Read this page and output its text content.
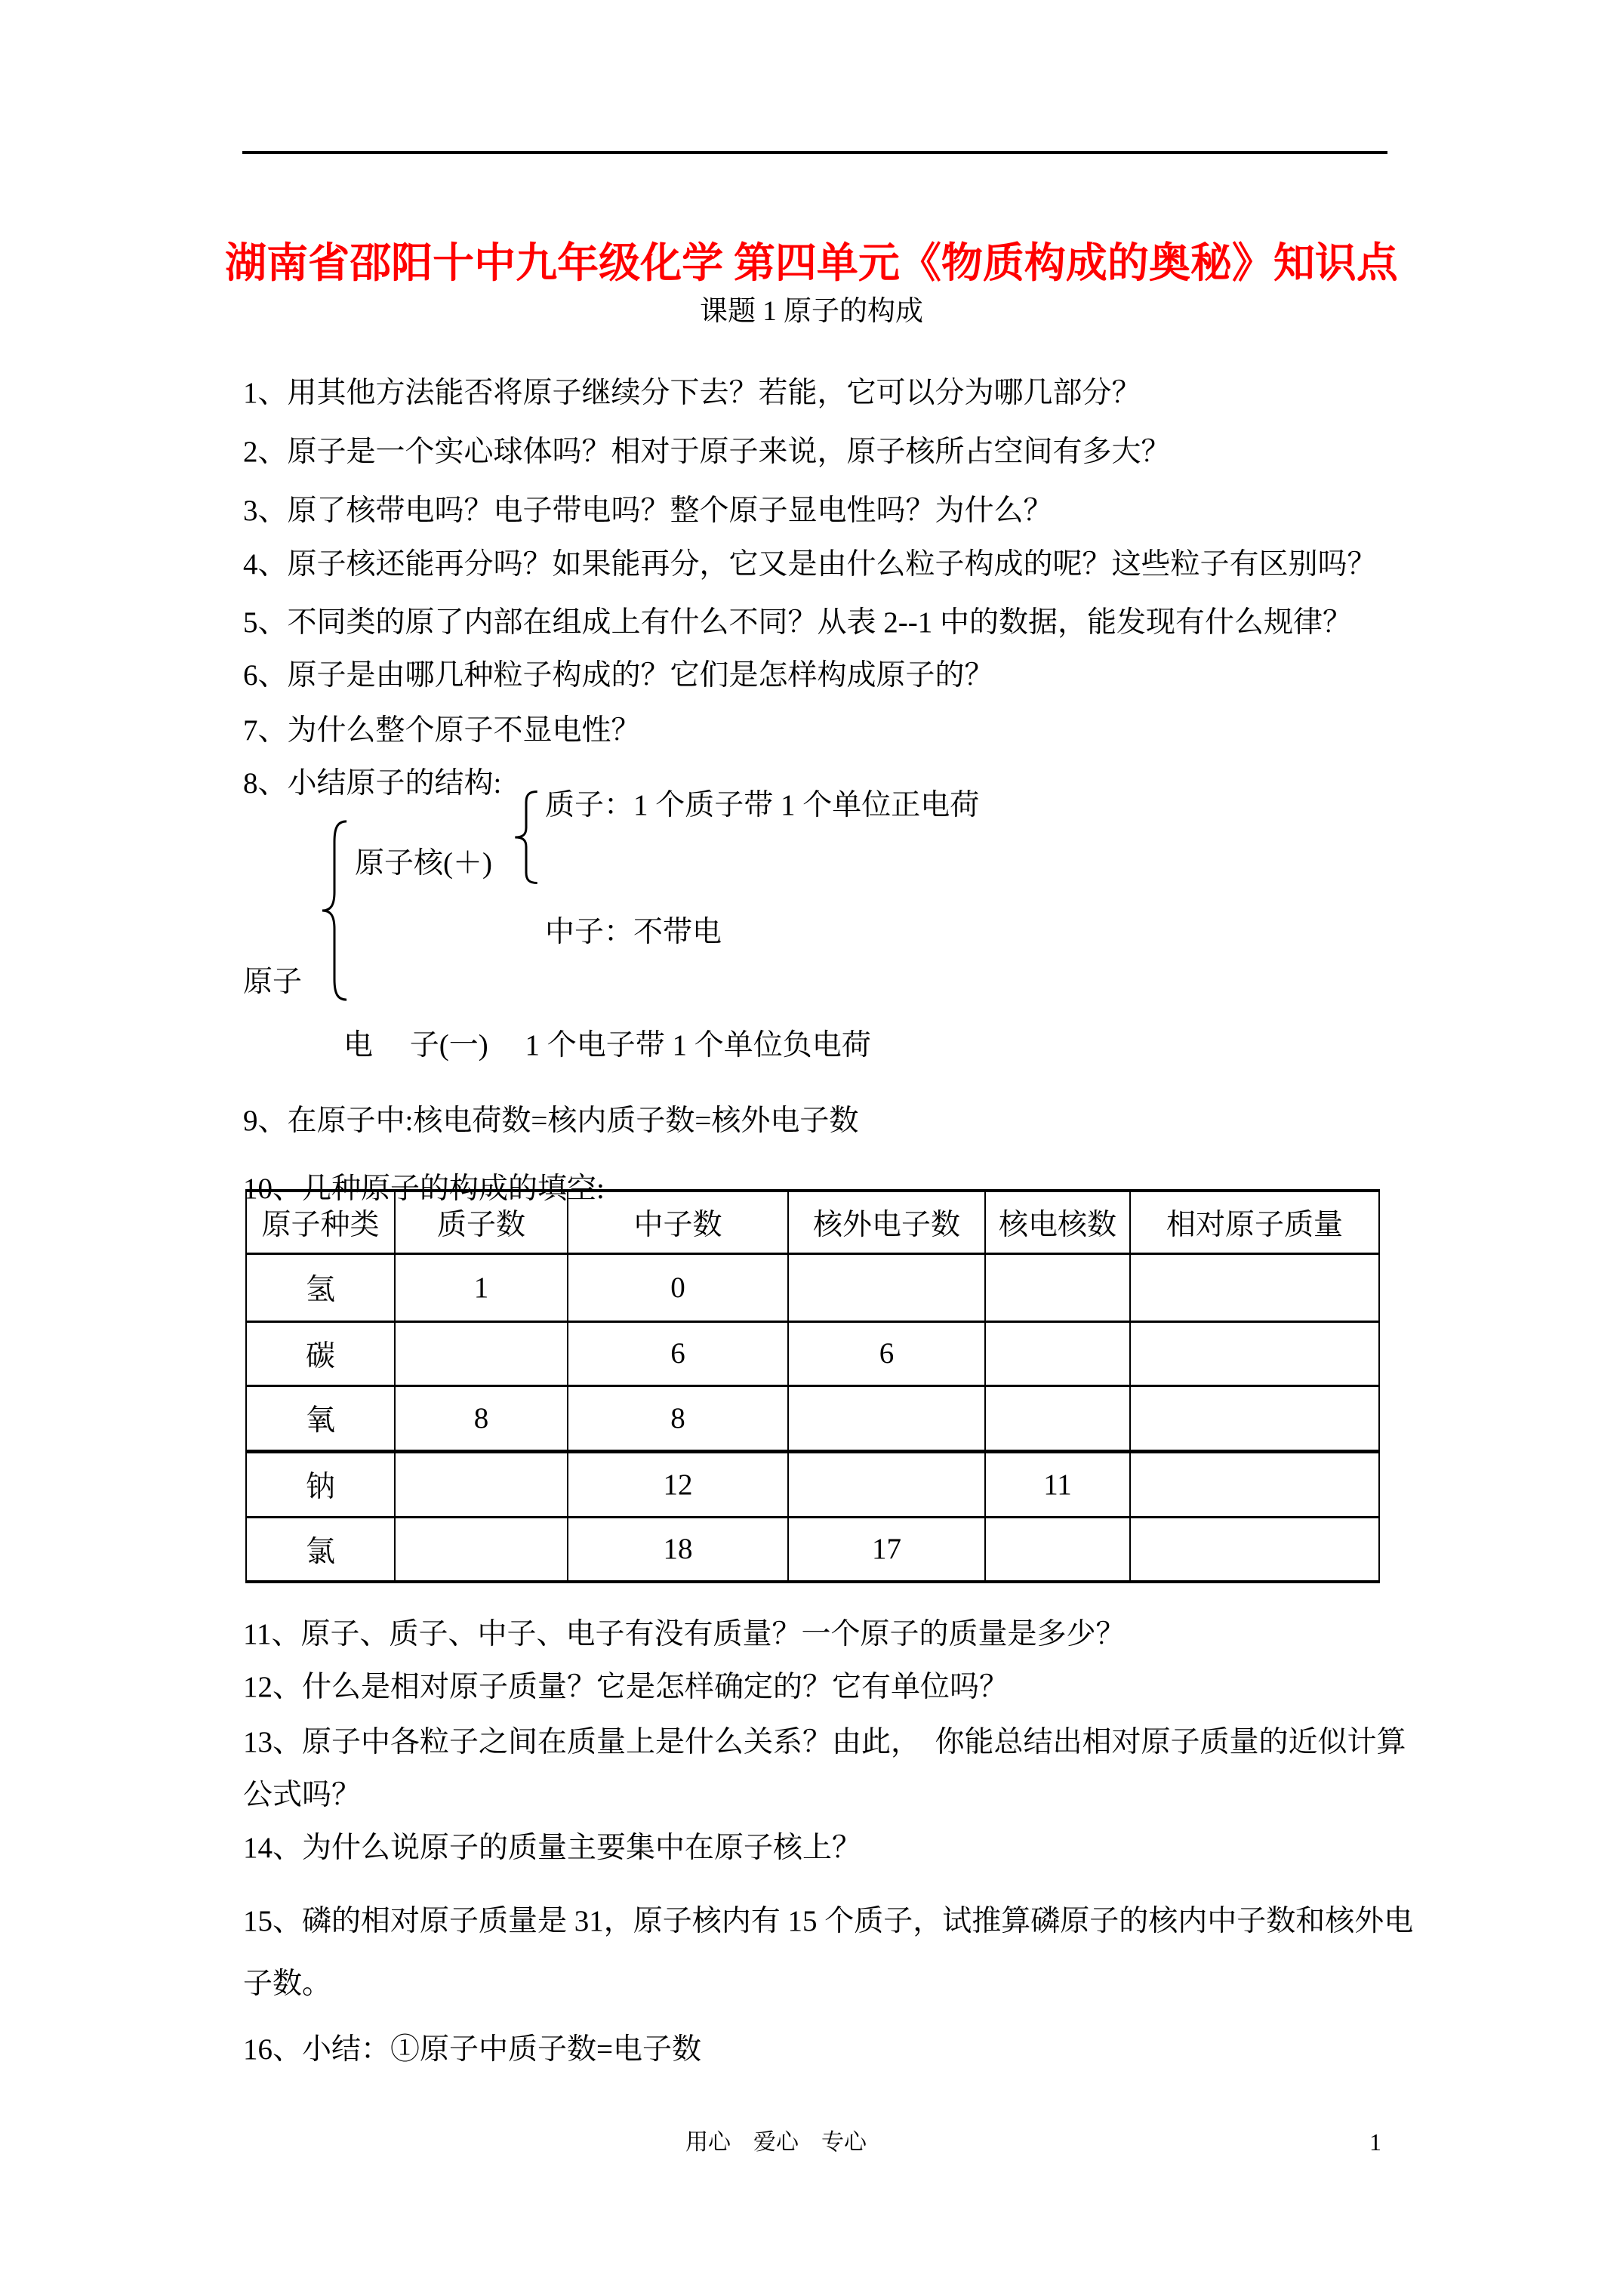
湖南省邵阳十中九年级化学 第四单元《物质构成的奥秘》知识点
课题 1 原子的构成

1、用其他方法能否将原子继续分下去？若能，它可以分为哪几部分？

2、原子是一个实心球体吗？相对于原子来说，原子核所占空间有多大？

3、原了核带电吗？电子带电吗？整个原子显电性吗？为什么？

4、原子核还能再分吗？如果能再分，它又是由什么粒子构成的呢？这些粒子有区别吗？

5、不同类的原了内部在组成上有什么不同？从表 2--1 中的数据，能发现有什么规律？

6、原子是由哪几种粒子构成的？它们是怎样构成原子的？

7、为什么整个原子不显电性？

8、小结原子的结构:

质子：1 个质子带 1 个单位正电荷
原子核(＋)
中子：不带电
原子
电　 子(一)　 1 个电子带 1 个单位负电荷

9、在原子中:核电荷数=核内质子数=核外电子数

10、几种原子的构成的填空:

原子种类	质子数	中子数	核外电子数	核电核数	相对原子质量
氢	1	0			
碳		6	6		
氧	8	8			
钠		12		11	
氯		18	17		

11、原子、质子、中子、电子有没有质量？一个原子的质量是多少？

12、什么是相对原子质量？它是怎样确定的？它有单位吗？

13、原子中各粒子之间在质量上是什么关系？由此，  你能总结出相对原子质量的近似计算

公式吗？

14、为什么说原子的质量主要集中在原子核上？

15、磷的相对原子质量是 31，原子核内有 15 个质子，试推算磷原子的核内中子数和核外电

子数。

16、小结：①原子中质子数=电子数

用心　爱心　专心	1
